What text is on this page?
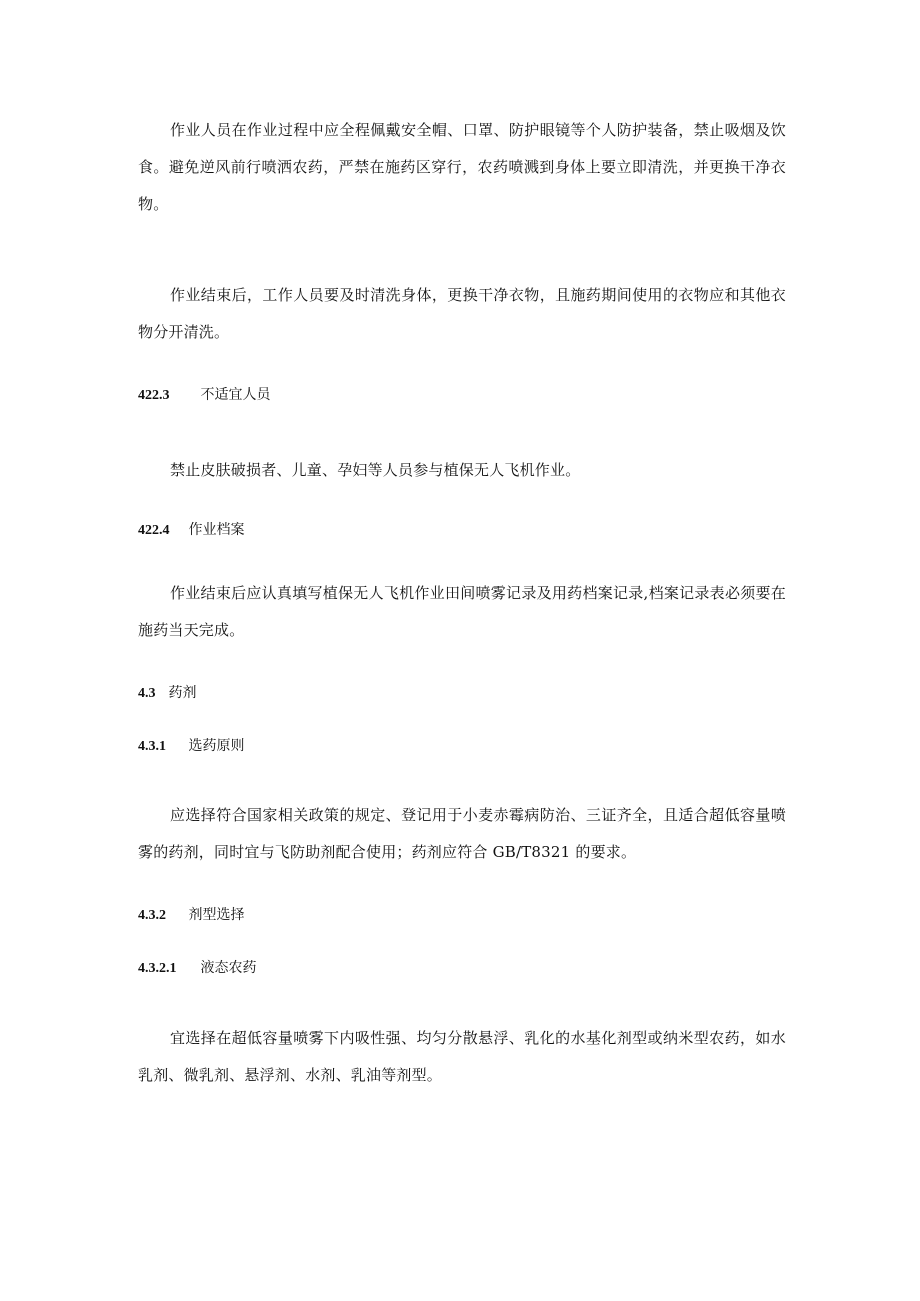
作业人员在作业过程中应全程佩戴安全帽、口罩、防护眼镜等个人防护装备，禁止吸烟及饮食。避免逆风前行喷洒农药，严禁在施药区穿行，农药喷溅到身体上要立即清洗，并更换干净衣物。

作业结束后，工作人员要及时清洗身体，更换干净衣物，且施药期间使用的衣物应和其他衣物分开清洗。

422.3 不适宜人员

禁止皮肤破损者、儿童、孕妇等人员参与植保无人飞机作业。

422.4 作业档案

作业结束后应认真填写植保无人飞机作业田间喷雾记录及用药档案记录,档案记录表必须要在施药当天完成。

4.3 药剂
4.3.1 选药原则

应选择符合国家相关政策的规定、登记用于小麦赤霉病防治、三证齐全，且适合超低容量喷雾的药剂，同时宜与飞防助剂配合使用；药剂应符合 GB/T8321 的要求。

4.3.2 剂型选择
4.3.2.1 液态农药

宜选择在超低容量喷雾下内吸性强、均匀分散悬浮、乳化的水基化剂型或纳米型农药，如水乳剂、微乳剂、悬浮剂、水剂、乳油等剂型。
